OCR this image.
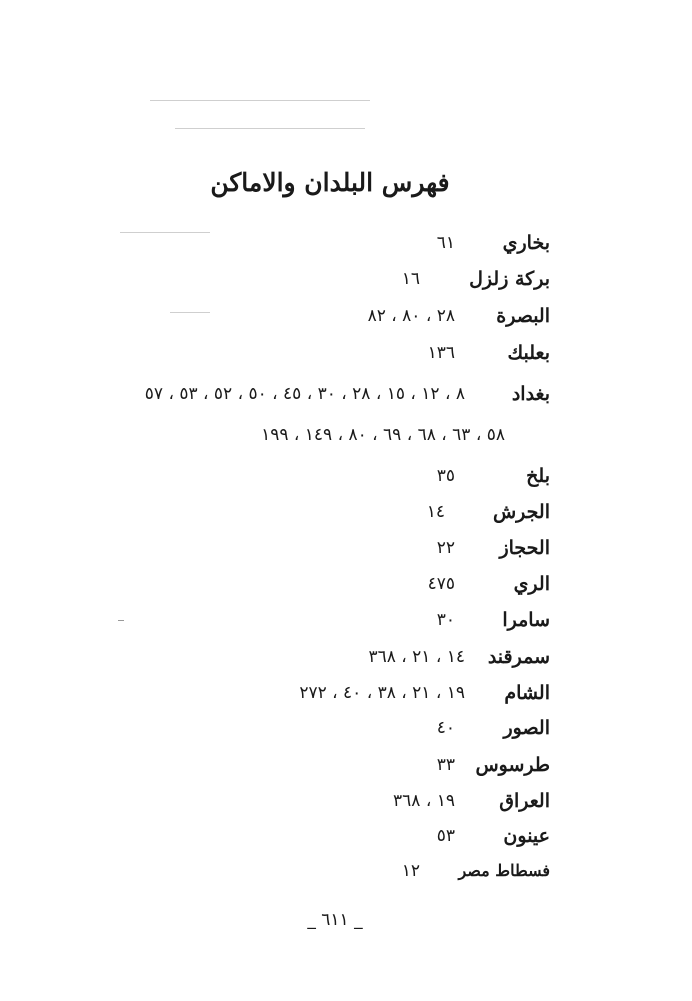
فهرس البلدان والاماكن
بخاري
٦١
بركة زلزل
١٦
البصرة
٢٨ ، ٨٠ ، ٨٢
بعلبك
١٣٦
بغداد
٨ ، ١٢ ، ١٥ ، ٢٨ ، ٣٠ ، ٤٥ ، ٥٠ ، ٥٢ ، ٥٣ ، ٥٧
٥٨ ، ٦٣ ، ٦٨ ، ٦٩ ، ٨٠ ، ١٤٩ ، ١٩٩
بلخ
٣٥
الجرش
١٤
الحجاز
٢٢
الري
٤٧٥
سامرا
٣٠
سمرقند
١٤ ، ٢١ ، ٣٦٨
الشام
١٩ ، ٢١ ، ٣٨ ، ٤٠ ، ٢٧٢
الصور
٤٠
طرسوس
٣٣
العراق
١٩ ، ٣٦٨
عينون
٥٣
فسطاط مصر
١٢
_ ٦١١ _
